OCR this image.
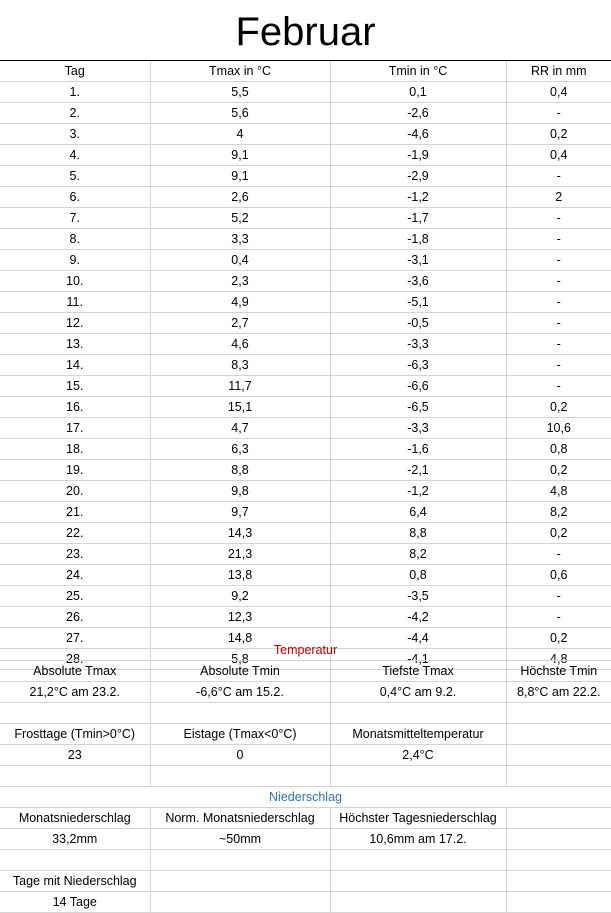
Februar
Tag	Tmax in °C	Tmin in °C	RR in mm
1.	5,5	0,1	0,4
2.	5,6	-2,6	-
3.	4	-4,6	0,2
4.	9,1	-1,9	0,4
5.	9,1	-2,9	-
6.	2,6	-1,2	2
7.	5,2	-1,7	-
8.	3,3	-1,8	-
9.	0,4	-3,1	-
10.	2,3	-3,6	-
11.	4,9	-5,1	-
12.	2,7	-0,5	-
13.	4,6	-3,3	-
14.	8,3	-6,3	-
15.	11,7	-6,6	-
16.	15,1	-6,5	0,2
17.	4,7	-3,3	10,6
18.	6,3	-1,6	0,8
19.	8,8	-2,1	0,2
20.	9,8	-1,2	4,8
21.	9,7	6,4	8,2
22.	14,3	8,8	0,2
23.	21,3	8,2	-
24.	13,8	0,8	0,6
25.	9,2	-3,5	-
26.	12,3	-4,2	-
27.	14,8	-4,4	0,2
28.	5,8	-4,1	4,8
Temperatur			
Absolute Tmax	Absolute Tmin	Tiefste Tmax	Höchste Tmin
21,2°C am 23.2.	-6,6°C am 15.2.	0,4°C am 9.2.	8,8°C am 22.2.

Frosttage (Tmin>0°C)	Eistage (Tmax<0°C)	Monatsmitteltemperatur	
23	0	2,4°C	

Niederschlag			
Monatsniederschlag	Norm. Monatsniederschlag	Höchster Tagesniederschlag	
33,2mm	~50mm	10,6mm am 17.2.	

Tage mit Niederschlag			
14 Tage			
